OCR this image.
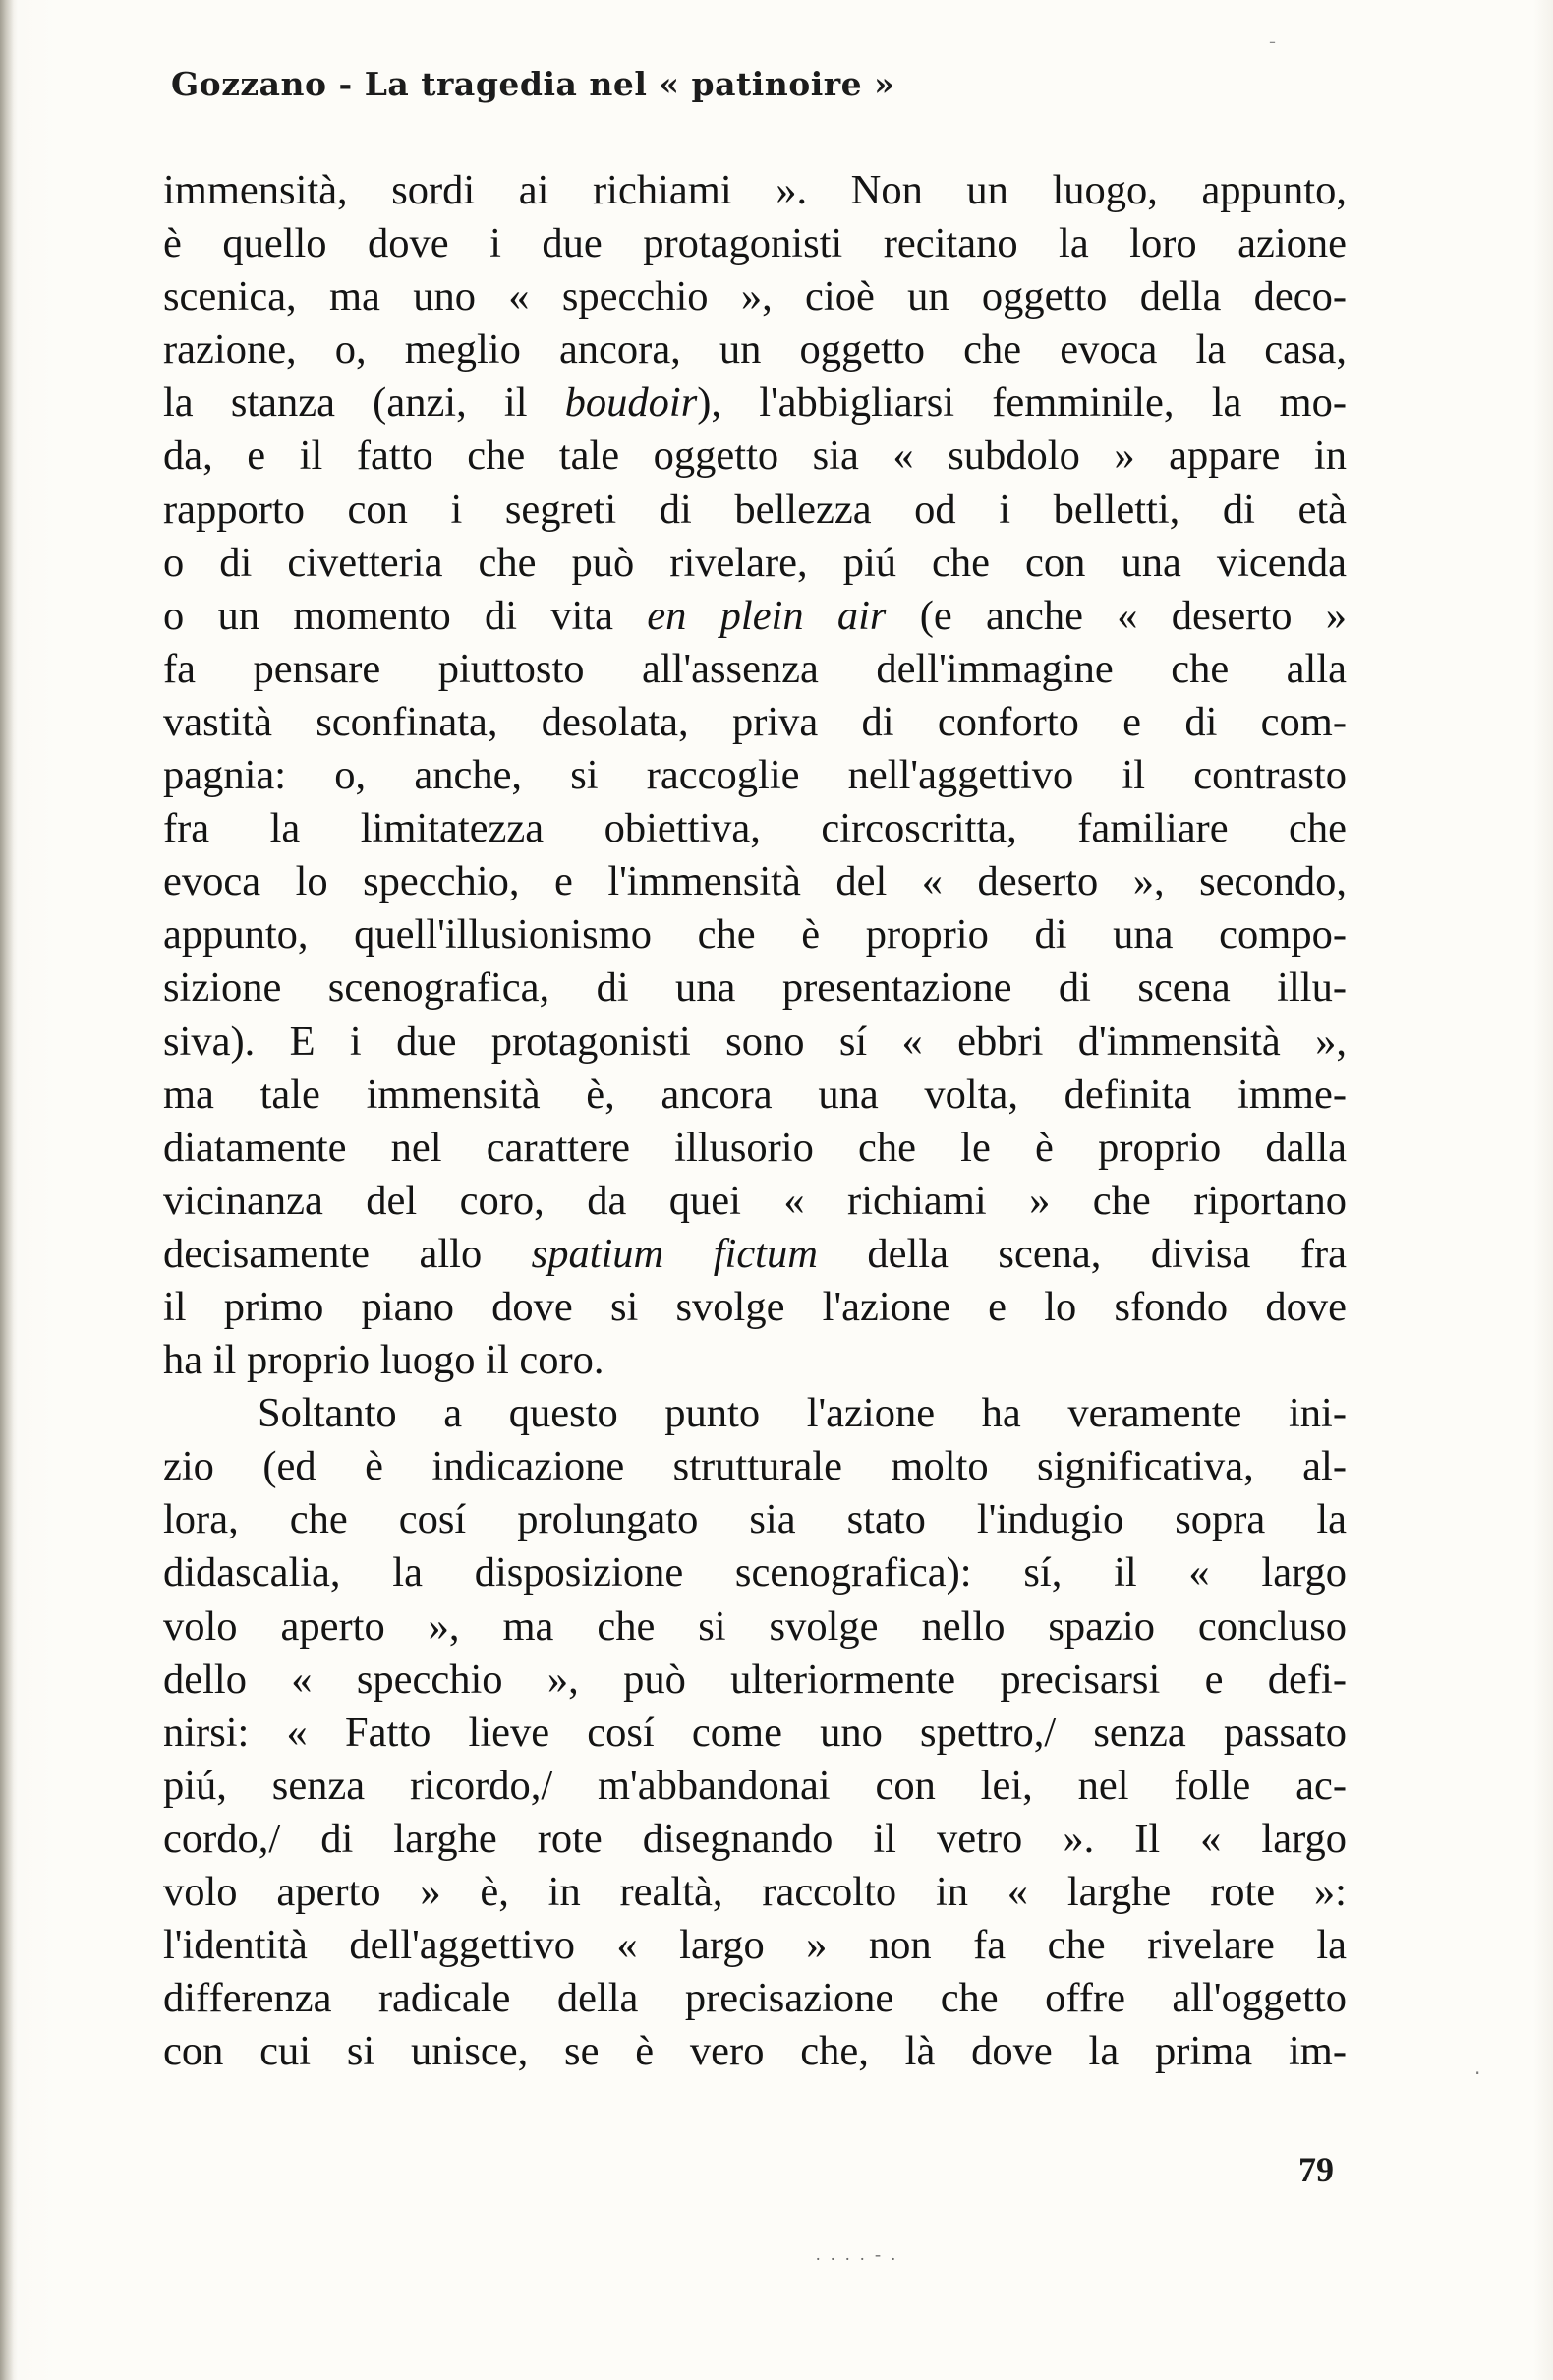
ˉ
Gozzano - La tragedia nel « patinoire »
immensità, sordi ai richiami ». Non un luogo, appunto,
è quello dove i due protagonisti recitano la loro azione
scenica, ma uno « specchio », cioè un oggetto della deco-
razione, o, meglio ancora, un oggetto che evoca la casa,
la stanza (anzi, il boudoir), l'abbigliarsi femminile, la mo-
da, e il fatto che tale oggetto sia « subdolo » appare in
rapporto con i segreti di bellezza od i belletti, di età
o di civetteria che può rivelare, piú che con una vicenda
o un momento di vita en plein air (e anche « deserto »
fa pensare piuttosto all'assenza dell'immagine che alla
vastità sconfinata, desolata, priva di conforto e di com-
pagnia: o, anche, si raccoglie nell'aggettivo il contrasto
fra la limitatezza obiettiva, circoscritta, familiare che
evoca lo specchio, e l'immensità del « deserto », secondo,
appunto, quell'illusionismo che è proprio di una compo-
sizione scenografica, di una presentazione di scena illu-
siva). E i due protagonisti sono sí « ebbri d'immensità »,
ma tale immensità è, ancora una volta, definita imme-
diatamente nel carattere illusorio che le è proprio dalla
vicinanza del coro, da quei « richiami » che riportano
decisamente allo spatium fictum della scena, divisa fra
il primo piano dove si svolge l'azione e lo sfondo dove
ha il proprio luogo il coro.
Soltanto a questo punto l'azione ha veramente ini-
zio (ed è indicazione strutturale molto significativa, al-
lora, che cosí prolungato sia stato l'indugio sopra la
didascalia, la disposizione scenografica): sí, il « largo
volo aperto », ma che si svolge nello spazio concluso
dello « specchio », può ulteriormente precisarsi e defi-
nirsi: « Fatto lieve cosí come uno spettro,/ senza passato
piú, senza ricordo,/ m'abbandonai con lei, nel folle ac-
cordo,/ di larghe rote disegnando il vetro ». Il « largo
volo aperto » è, in realtà, raccolto in « larghe rote »:
l'identità dell'aggettivo « largo » non fa che rivelare la
differenza radicale della precisazione che offre all'oggetto
con cui si unisce, se è vero che, là dove la prima im-	·
79
. . . . - .
